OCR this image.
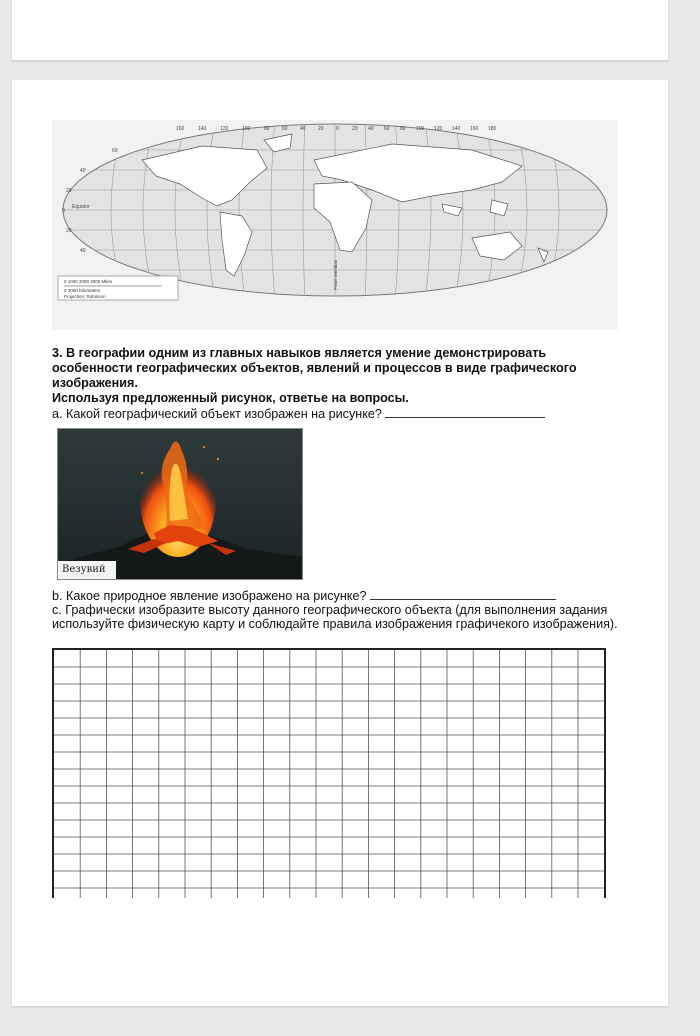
160	140	120	100	80 60 40 20 0	20 40 60 80 100 120 140 160 180
60
40
20
0
20
40
Equator
Prime Meridian
0 1000 2000 3000 Miles
0 3000 Kilometers
Projection: Robinson
3. В географии одним из главных навыков является умение демонстрировать особенности географических объектов, явлений и процессов в виде графического изображения.
Используя предложенный рисунок, ответье на вопросы.
a. Какой географический объект изображен на рисунке?
Везувий
b. Какое природное явление изображено на рисунке?
c. Графически изобразите высоту данного географического объекта (для выполнения задания используйте физическую карту и соблюдайте правила изображения графичекого изображения).
